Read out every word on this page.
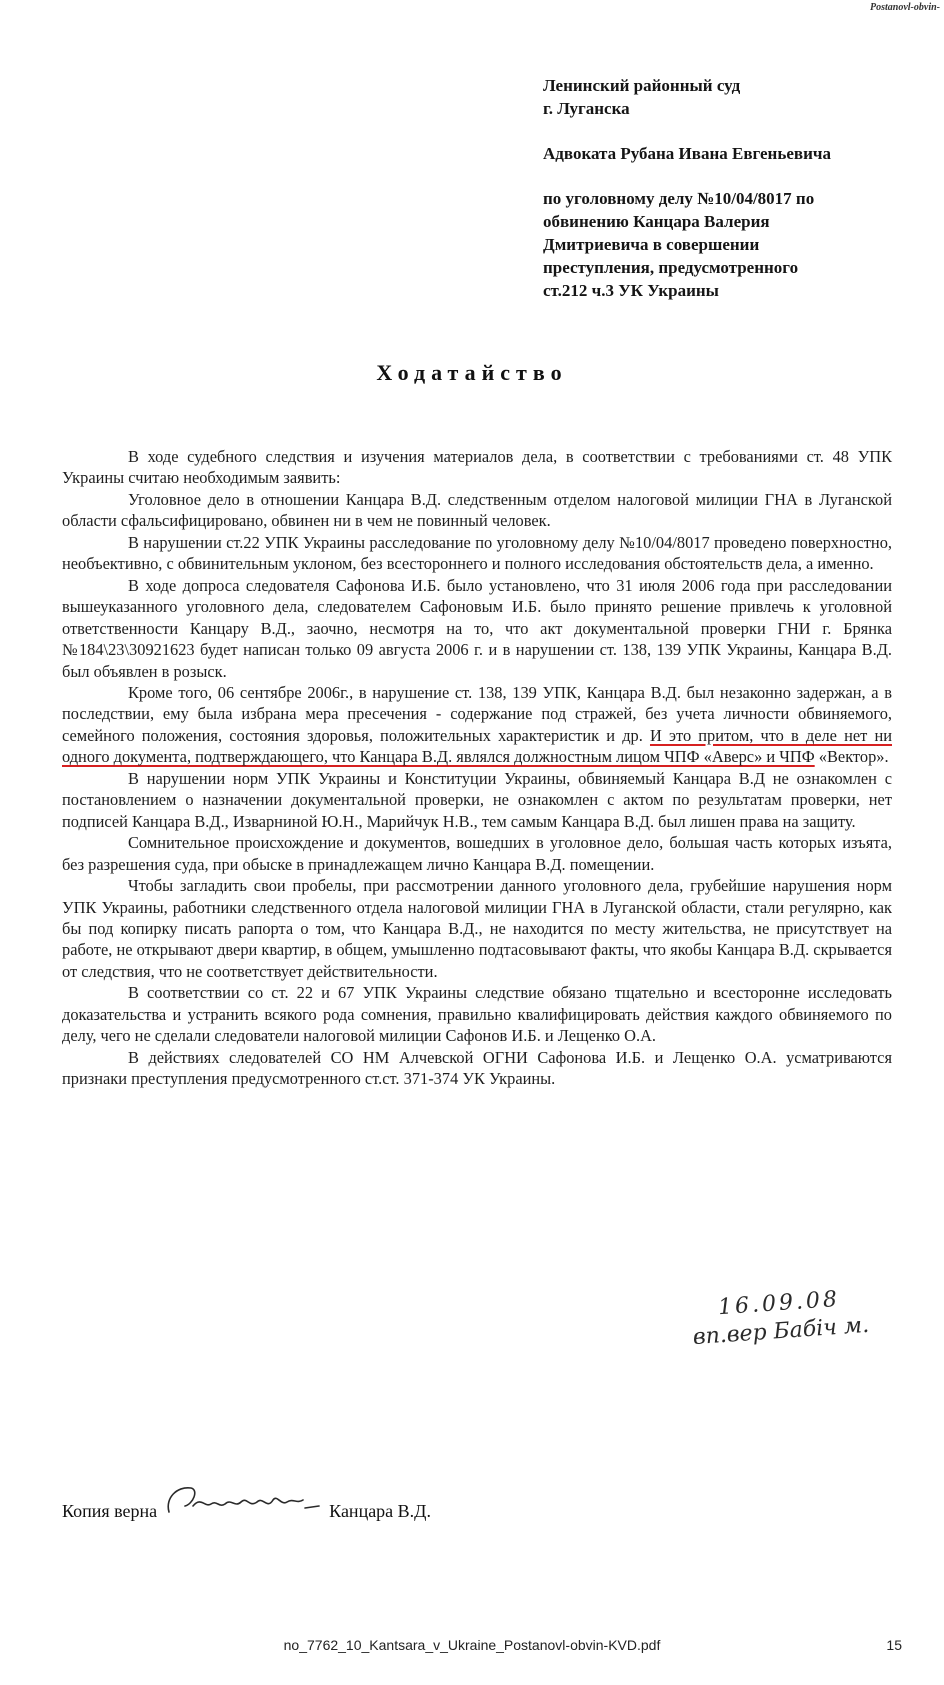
Postanovl-obvin-
Ленинский районный суд
г. Луганска
Адвоката Рубана Ивана Евгеньевича
по уголовному делу №10/04/8017 по
обвинению Канцара Валерия
Дмитриевича в совершении
преступления, предусмотренного
ст.212 ч.3 УК Украины
Ходатайство

В ходе судебного следствия и изучения материалов дела, в соответствии с требованиями ст. 48 УПК Украины считаю необходимым заявить:

Уголовное дело в отношении Канцара В.Д. следственным отделом налоговой милиции ГНА в Луганской области сфальсифицировано, обвинен ни в чем не повинный человек.

В нарушении ст.22 УПК Украины расследование по уголовному делу №10/04/8017 проведено поверхностно, необъективно, с обвинительным уклоном, без всестороннего и полного исследования обстоятельств дела, а именно.

В ходе допроса следователя Сафонова И.Б. было установлено, что 31 июля 2006 года при расследовании вышеуказанного уголовного дела, следователем Сафоновым И.Б. было принято решение привлечь к уголовной ответственности Канцару В.Д., заочно, несмотря на то, что акт документальной проверки ГНИ г. Брянка №184\23\30921623 будет написан только 09 августа 2006 г. и в нарушении ст. 138, 139 УПК Украины, Канцара В.Д. был объявлен в розыск.

Кроме того, 06 сентябре 2006г., в нарушение ст. 138, 139 УПК, Канцара В.Д. был незаконно задержан, а в последствии, ему была избрана мера пресечения - содержание под стражей, без учета личности обвиняемого, семейного положения, состояния здоровья, положительных характеристик и др. И это притом, что в деле нет ни одного документа, подтверждающего, что Канцара В.Д. являлся должностным лицом ЧПФ «Аверс» и ЧПФ «Вектор».

В нарушении норм УПК Украины и Конституции Украины, обвиняемый Канцара В.Д не ознакомлен с постановлением о назначении документальной проверки, не ознакомлен с актом по результатам проверки, нет подписей Канцара В.Д., Изварниной Ю.Н., Марийчук Н.В., тем самым Канцара В.Д. был лишен права на защиту.

Сомнительное происхождение и документов, вошедших в уголовное дело, большая часть которых изъята, без разрешения суда, при обыске в принадлежащем лично Канцара В.Д. помещении.

Чтобы загладить свои пробелы, при рассмотрении данного уголовного дела, грубейшие нарушения норм УПК Украины, работники следственного отдела налоговой милиции ГНА в Луганской области, стали регулярно, как бы под копирку писать рапорта о том, что Канцара В.Д., не находится по месту жительства, не присутствует на работе, не открывают двери квартир, в общем, умышленно подтасовывают факты, что якобы Канцара В.Д. скрывается от следствия, что не соответствует действительности.

В соответствии со ст. 22 и 67 УПК Украины следствие обязано тщательно и всесторонне исследовать доказательства и устранить всякого рода сомнения, правильно квалифицировать действия каждого обвиняемого по делу, чего не сделали следователи налоговой милиции Сафонов И.Б. и Лещенко О.А.

В действиях следователей СО НМ Алчевской ОГНИ Сафонова И.Б. и Лещенко О.А. усматриваются признаки преступления предусмотренного ст.ст. 371-374 УК Украины.

16.09.08
вп.вер Бабіч м.
Копия верна	Канцара В.Д.
no_7762_10_Kantsara_v_Ukraine_Postanovl-obvin-KVD.pdf	15
